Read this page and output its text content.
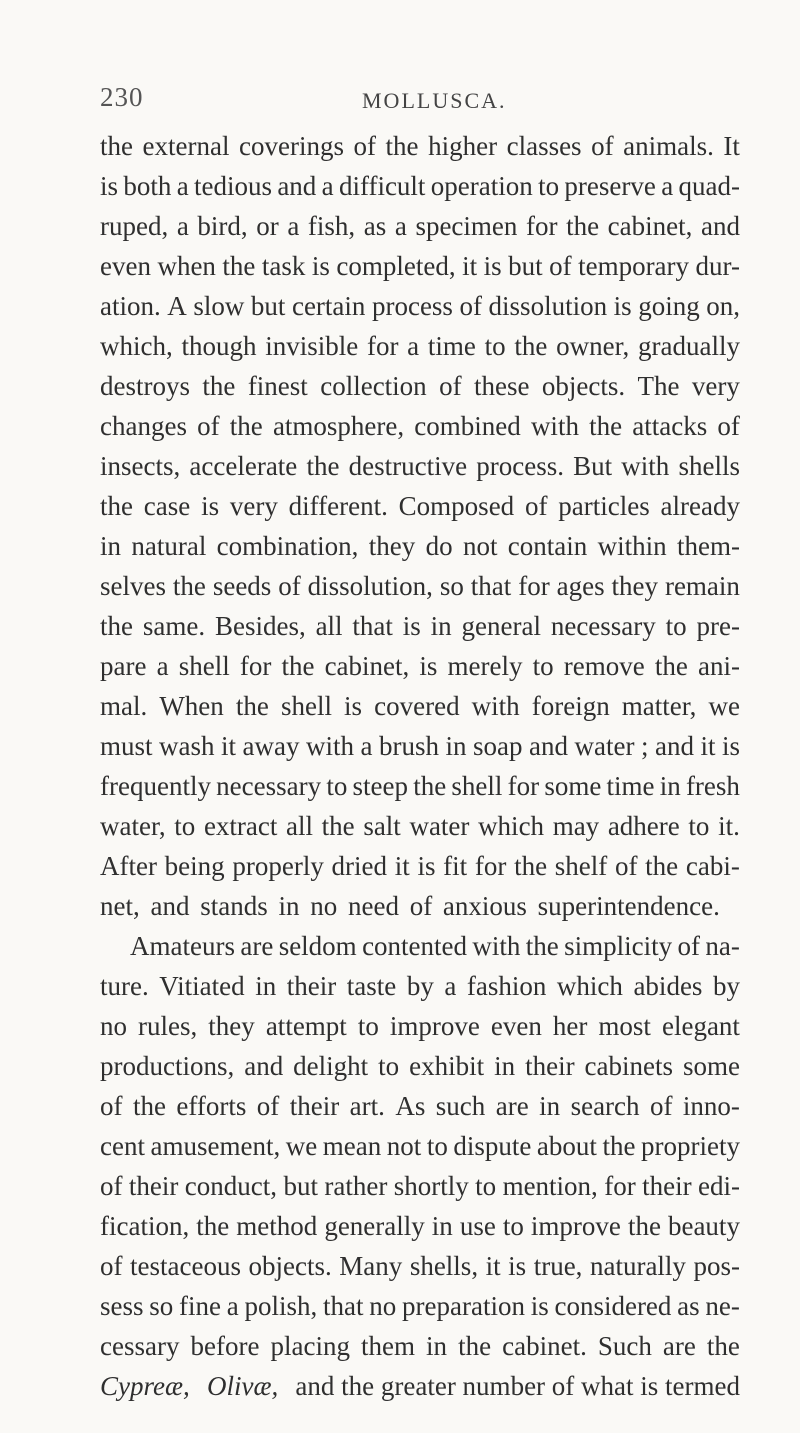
230	MOLLUSCA.
the external coverings of the higher classes of animals. It
is both a tedious and a difficult operation to preserve a quad-
ruped, a bird, or a fish, as a specimen for the cabinet, and
even when the task is completed, it is but of temporary dur-
ation. A slow but certain process of dissolution is going on,
which, though invisible for a time to the owner, gradually
destroys the finest collection of these objects. The very
changes of the atmosphere, combined with the attacks of
insects, accelerate the destructive process. But with shells
the case is very different. Composed of particles already
in natural combination, they do not contain within them-
selves the seeds of dissolution, so that for ages they remain
the same. Besides, all that is in general necessary to pre-
pare a shell for the cabinet, is merely to remove the ani-
mal. When the shell is covered with foreign matter, we
must wash it away with a brush in soap and water ; and it is
frequently necessary to steep the shell for some time in fresh
water, to extract all the salt water which may adhere to it.
After being properly dried it is fit for the shelf of the cabi-
net, and stands in no need of anxious superintendence.
Amateurs are seldom contented with the simplicity of na-
ture. Vitiated in their taste by a fashion which abides by
no rules, they attempt to improve even her most elegant
productions, and delight to exhibit in their cabinets some
of the efforts of their art. As such are in search of inno-
cent amusement, we mean not to dispute about the propriety
of their conduct, but rather shortly to mention, for their edi-
fication, the method generally in use to improve the beauty
of testaceous objects. Many shells, it is true, naturally pos-
sess so fine a polish, that no preparation is considered as ne-
cessary before placing them in the cabinet. Such are the
Cypreæ, Olivæ, and the greater number of what is termed
